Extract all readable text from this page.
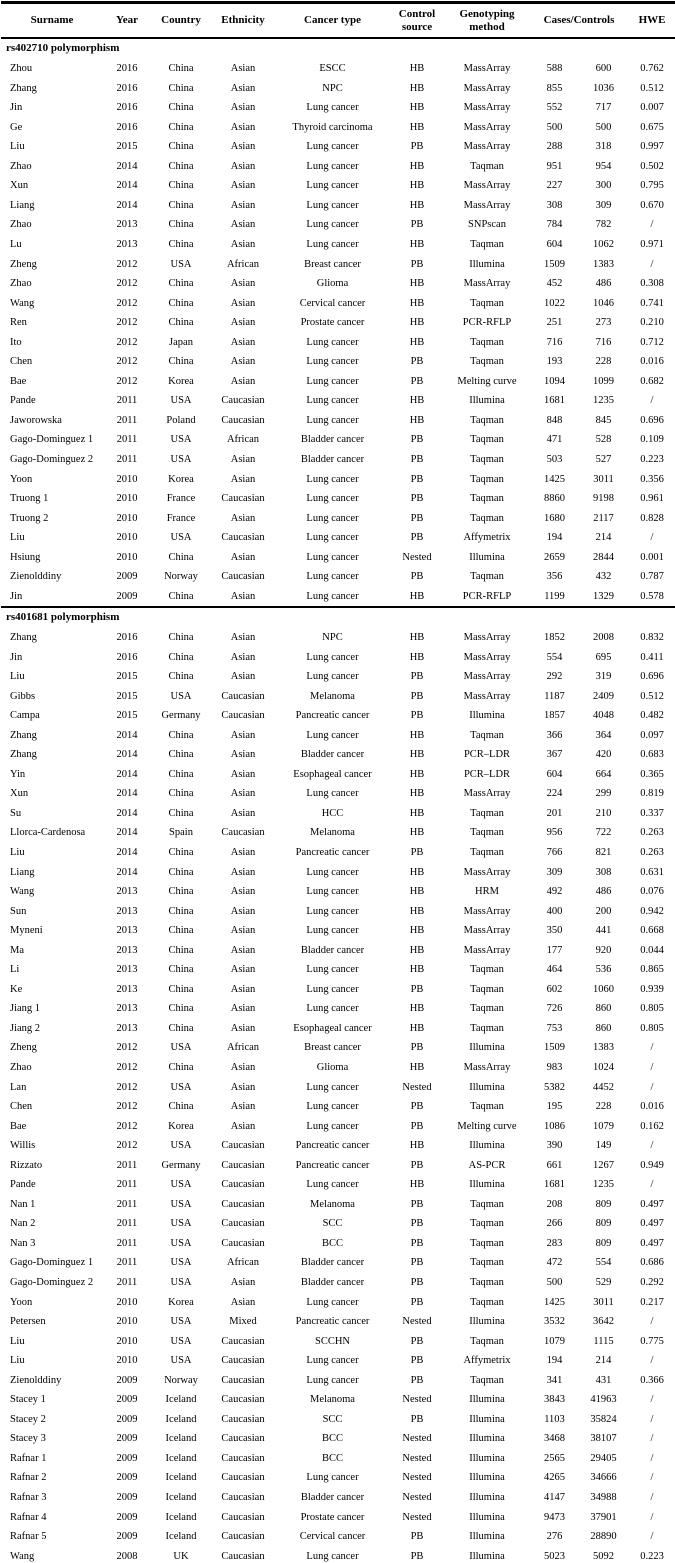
Surname	Year	Country	Ethnicity	Cancer type	Control source	Genotyping method	Cases/Controls		HWE
rs402710 polymorphism									
Zhou	2016	China	Asian	ESCC	HB	MassArray	588	600	0.762
Zhang	2016	China	Asian	NPC	HB	MassArray	855	1036	0.512
Jin	2016	China	Asian	Lung cancer	HB	MassArray	552	717	0.007
Ge	2016	China	Asian	Thyroid carcinoma	HB	MassArray	500	500	0.675
Liu	2015	China	Asian	Lung cancer	PB	MassArray	288	318	0.997
Zhao	2014	China	Asian	Lung cancer	HB	Taqman	951	954	0.502
Xun	2014	China	Asian	Lung cancer	HB	MassArray	227	300	0.795
Liang	2014	China	Asian	Lung cancer	HB	MassArray	308	309	0.670
Zhao	2013	China	Asian	Lung cancer	PB	SNPscan	784	782	/
Lu	2013	China	Asian	Lung cancer	HB	Taqman	604	1062	0.971
Zheng	2012	USA	African	Breast cancer	PB	Illumina	1509	1383	/
Zhao	2012	China	Asian	Glioma	HB	MassArray	452	486	0.308
Wang	2012	China	Asian	Cervical cancer	HB	Taqman	1022	1046	0.741
Ren	2012	China	Asian	Prostate cancer	HB	PCR-RFLP	251	273	0.210
Ito	2012	Japan	Asian	Lung cancer	HB	Taqman	716	716	0.712
Chen	2012	China	Asian	Lung cancer	PB	Taqman	193	228	0.016
Bae	2012	Korea	Asian	Lung cancer	PB	Melting curve	1094	1099	0.682
Pande	2011	USA	Caucasian	Lung cancer	HB	Illumina	1681	1235	/
Jaworowska	2011	Poland	Caucasian	Lung cancer	HB	Taqman	848	845	0.696
Gago-Dominguez 1	2011	USA	African	Bladder cancer	PB	Taqman	471	528	0.109
Gago-Dominguez 2	2011	USA	Asian	Bladder cancer	PB	Taqman	503	527	0.223
Yoon	2010	Korea	Asian	Lung cancer	PB	Taqman	1425	3011	0.356
Truong 1	2010	France	Caucasian	Lung cancer	PB	Taqman	8860	9198	0.961
Truong 2	2010	France	Asian	Lung cancer	PB	Taqman	1680	2117	0.828
Liu	2010	USA	Caucasian	Lung cancer	PB	Affymetrix	194	214	/
Hsiung	2010	China	Asian	Lung cancer	Nested	Illumina	2659	2844	0.001
Zienolddiny	2009	Norway	Caucasian	Lung cancer	PB	Taqman	356	432	0.787
Jin	2009	China	Asian	Lung cancer	HB	PCR-RFLP	1199	1329	0.578
rs401681 polymorphism									
Zhang	2016	China	Asian	NPC	HB	MassArray	1852	2008	0.832
Jin	2016	China	Asian	Lung cancer	HB	MassArray	554	695	0.411
Liu	2015	China	Asian	Lung cancer	PB	MassArray	292	319	0.696
Gibbs	2015	USA	Caucasian	Melanoma	PB	MassArray	1187	2409	0.512
Campa	2015	Germany	Caucasian	Pancreatic cancer	PB	Illumina	1857	4048	0.482
Zhang	2014	China	Asian	Lung cancer	HB	Taqman	366	364	0.097
Zhang	2014	China	Asian	Bladder cancer	HB	PCR–LDR	367	420	0.683
Yin	2014	China	Asian	Esophageal cancer	HB	PCR–LDR	604	664	0.365
Xun	2014	China	Asian	Lung cancer	HB	MassArray	224	299	0.819
Su	2014	China	Asian	HCC	HB	Taqman	201	210	0.337
Llorca-Cardenosa	2014	Spain	Caucasian	Melanoma	HB	Taqman	956	722	0.263
Liu	2014	China	Asian	Pancreatic cancer	PB	Taqman	766	821	0.263
Liang	2014	China	Asian	Lung cancer	HB	MassArray	309	308	0.631
Wang	2013	China	Asian	Lung cancer	HB	HRM	492	486	0.076
Sun	2013	China	Asian	Lung cancer	HB	MassArray	400	200	0.942
Myneni	2013	China	Asian	Lung cancer	HB	MassArray	350	441	0.668
Ma	2013	China	Asian	Bladder cancer	HB	MassArray	177	920	0.044
Li	2013	China	Asian	Lung cancer	HB	Taqman	464	536	0.865
Ke	2013	China	Asian	Lung cancer	PB	Taqman	602	1060	0.939
Jiang 1	2013	China	Asian	Lung cancer	HB	Taqman	726	860	0.805
Jiang 2	2013	China	Asian	Esophageal cancer	HB	Taqman	753	860	0.805
Zheng	2012	USA	African	Breast cancer	PB	Illumina	1509	1383	/
Zhao	2012	China	Asian	Glioma	HB	MassArray	983	1024	/
Lan	2012	USA	Asian	Lung cancer	Nested	Illumina	5382	4452	/
Chen	2012	China	Asian	Lung cancer	PB	Taqman	195	228	0.016
Bae	2012	Korea	Asian	Lung cancer	PB	Melting curve	1086	1079	0.162
Willis	2012	USA	Caucasian	Pancreatic cancer	HB	Illumina	390	149	/
Rizzato	2011	Germany	Caucasian	Pancreatic cancer	PB	AS-PCR	661	1267	0.949
Pande	2011	USA	Caucasian	Lung cancer	HB	Illumina	1681	1235	/
Nan 1	2011	USA	Caucasian	Melanoma	PB	Taqman	208	809	0.497
Nan 2	2011	USA	Caucasian	SCC	PB	Taqman	266	809	0.497
Nan 3	2011	USA	Caucasian	BCC	PB	Taqman	283	809	0.497
Gago-Dominguez 1	2011	USA	African	Bladder cancer	PB	Taqman	472	554	0.686
Gago-Dominguez 2	2011	USA	Asian	Bladder cancer	PB	Taqman	500	529	0.292
Yoon	2010	Korea	Asian	Lung cancer	PB	Taqman	1425	3011	0.217
Petersen	2010	USA	Mixed	Pancreatic cancer	Nested	Illumina	3532	3642	/
Liu	2010	USA	Caucasian	SCCHN	PB	Taqman	1079	1115	0.775
Liu	2010	USA	Caucasian	Lung cancer	PB	Affymetrix	194	214	/
Zienolddiny	2009	Norway	Caucasian	Lung cancer	PB	Taqman	341	431	0.366
Stacey 1	2009	Iceland	Caucasian	Melanoma	Nested	Illumina	3843	41963	/
Stacey 2	2009	Iceland	Caucasian	SCC	PB	Illumina	1103	35824	/
Stacey 3	2009	Iceland	Caucasian	BCC	Nested	Illumina	3468	38107	/
Rafnar 1	2009	Iceland	Caucasian	BCC	Nested	Illumina	2565	29405	/
Rafnar 2	2009	Iceland	Caucasian	Lung cancer	Nested	Illumina	4265	34666	/
Rafnar 3	2009	Iceland	Caucasian	Bladder cancer	Nested	Illumina	4147	34988	/
Rafnar 4	2009	Iceland	Caucasian	Prostate cancer	Nested	Illumina	9473	37901	/
Rafnar 5	2009	Iceland	Caucasian	Cervical cancer	PB	Illumina	276	28890	/
Wang	2008	UK	Caucasian	Lung cancer	PB	Illumina	5023	5092	0.223
